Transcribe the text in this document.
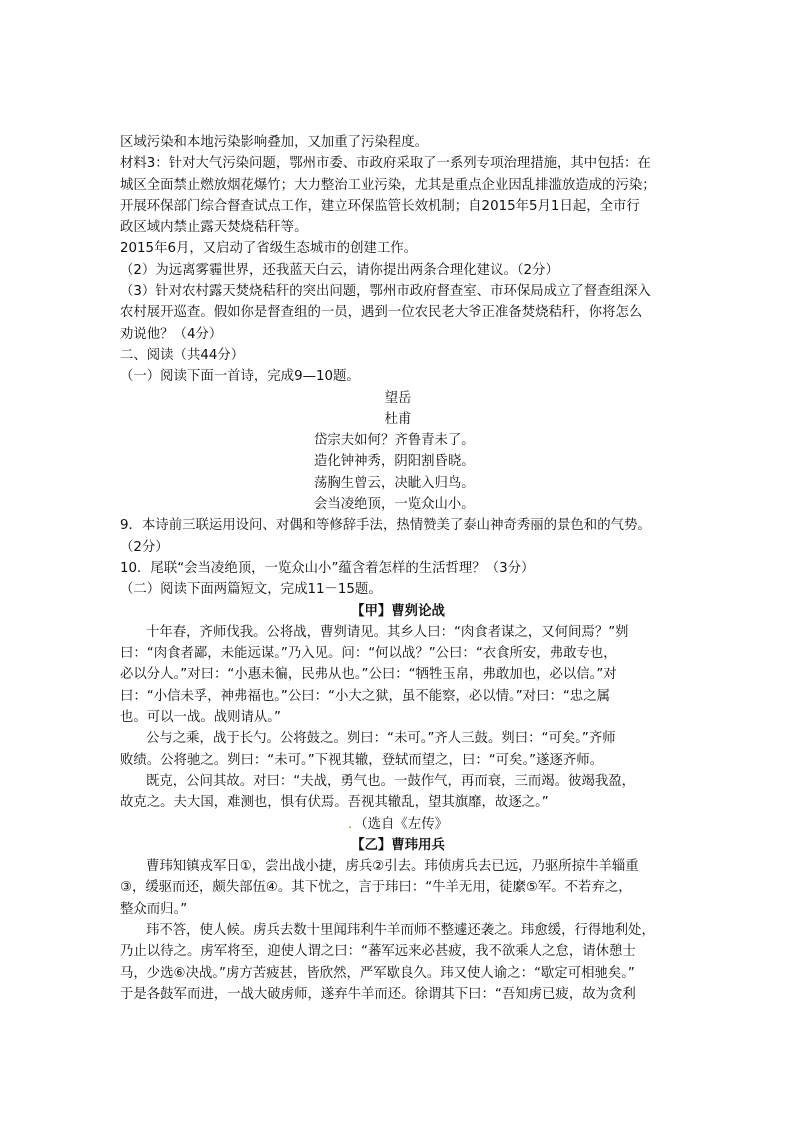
区域污染和本地污染影响叠加，又加重了污染程度。

材料3：针对大气污染问题，鄂州市委、市政府采取了一系列专项治理措施，其中包括：在

城区全面禁止燃放烟花爆竹；大力整治工业污染，尤其是重点企业因乱排滥放造成的污染；

开展环保部门综合督查试点工作，建立环保监管长效机制；自2015年5月1日起，全市行

政区域内禁止露天焚烧秸秆等。

2015年6月，又启动了省级生态城市的创建工作。

（2）为远离雾霾世界，还我蓝天白云，请你提出两条合理化建议。（2分）

（3）针对农村露天焚烧秸秆的突出问题，鄂州市政府督查室、市环保局成立了督查组深入

农村展开巡查。假如你是督查组的一员，遇到一位农民老大爷正准备焚烧秸秆，你将怎么

劝说他？（4分）

二、阅读（共44分）

（一）阅读下面一首诗，完成9—10题。

望岳

杜甫

岱宗夫如何？齐鲁青未了。

造化钟神秀，阴阳割昏晓。

荡胸生曾云，决眦入归鸟。

会当凌绝顶，一览众山小。

9．本诗前三联运用设问、对偶和等修辞手法，热情赞美了泰山神奇秀丽的景色和的气势。

（2分）

10．尾联“会当凌绝顶，一览众山小”蕴含着怎样的生活哲理？（3分）

（二）阅读下面两篇短文，完成11－15题。

【甲】曹刿论战

十年春，齐师伐我。公将战，曹刿请见。其乡人曰：“肉食者谋之，又何间焉？”刿

曰：“肉食者鄙，未能远谋。”乃入见。问：“何以战？”公曰：“衣食所安，弗敢专也，

必以分人。”对曰：“小惠未徧，民弗从也。”公曰：“牺牲玉帛，弗敢加也，必以信。”对

曰：“小信未孚，神弗福也。”公曰：“小大之狱，虽不能察，必以情。”对曰：“忠之属

也。可以一战。战则请从。”

公与之乘，战于长勺。公将鼓之。刿曰：“未可。”齐人三鼓。刿曰：“可矣。”齐师

败绩。公将驰之。刿曰：“未可。”下视其辙，登轼而望之，曰：“可矣。”遂逐齐师。

既克，公问其故。对曰：“夫战，勇气也。一鼓作气，再而衰，三而竭。彼竭我盈，

故克之。夫大国，难测也，惧有伏焉。吾视其辙乱，望其旗靡，故逐之。”

. （选自《左传》

【乙】曹玮用兵

曹玮知镇戎军日①，尝出战小捷，虏兵②引去。玮侦虏兵去已远，乃驱所掠牛羊辎重

③，缓驱而还，颇失部伍④。其下忧之，言于玮曰：“牛羊无用，徒縻⑤军。不若弃之，

整众而归。”

玮不答，使人候。虏兵去数十里闻玮利牛羊而师不整遽还袭之。玮愈缓，行得地利处，

乃止以待之。虏军将至，迎使人谓之曰：“蕃军远来必甚疲，我不欲乘人之怠，请休憩士

马，少选⑥决战。”虏方苦疲甚，皆欣然，严军歇良久。玮又使人谕之：“歇定可相驰矣。”

于是各鼓军而进，一战大破虏师，遂弃牛羊而还。徐谓其下曰：“吾知虏已疲，故为贪利
